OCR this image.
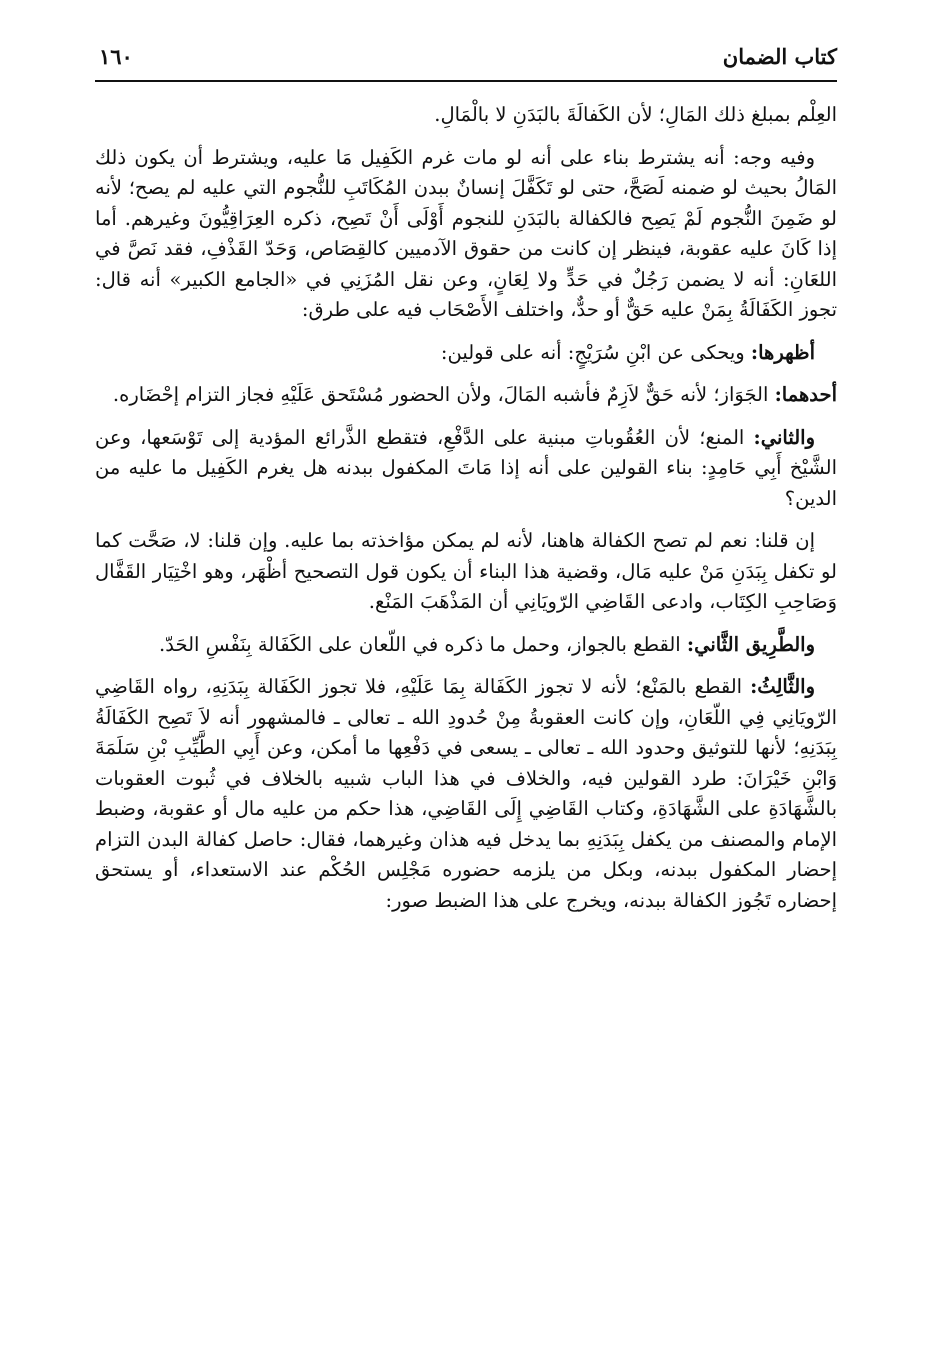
كتاب الضمان
١٦٠

العِلْم بمبلغ ذلك المَالِ؛ لأن الكَفالَةَ بالبَدَنِ لا بالْمَالِ.

وفيه وجه: أنه يشترط بناء على أنه لو مات غرم الكَفِيل مَا عليه، ويشترط أن يكون ذلك المَالُ بحيث لو ضمنه لَصَحَّ، حتى لو تَكَفَّلَ إنسانٌ ببدن المُكَاتَبِ للنُّجوم التي عليه لم يصح؛ لأنه لو ضَمِنَ النُّجوم لَمْ يَصِح فالكفالة بالبَدَنِ للنجوم أَوْلَى أَنْ تَصِح، ذكره العِرَاقِيُّونَ وغيرهم. أما إذا كَانَ عليه عقوبة، فينظر إن كانت من حقوق الآدميين كالقِصَاص، وَحَدّ القَذْفِ، فقد نَصَّ في اللعَانِ: أنه لا يضمن رَجُلٌ في حَدٍّ ولا لِعَانٍ، وعن نقل المُزَنِي في «الجامع الكبير» أنه قال: تجوز الكَفَالَةُ بِمَنْ عليه حَقٌّ أو حدٌّ، واختلف الأَصْحَاب فيه على طرق:

أظهرها: ويحكى عن ابْنِ سُرَيْجٍ: أنه على قولين:

أحدهما: الجَوَاز؛ لأنه حَقٌّ لاَزِمٌ فأشبه المَالَ، ولأن الحضور مُسْتَحق عَلَيْهِ فجاز التزام إحْضَاره.

والثاني: المنع؛ لأن العُقُوباتِ مبنية على الدَّفْعِ، فتقطع الذَّرائع المؤدية إلى تَوْسَعها، وعن الشَّيْخ أَبِي حَامِدٍ: بناء القولين على أنه إذا مَاتَ المكفول ببدنه هل يغرم الكَفِيل ما عليه من الدين؟

إن قلنا: نعم لم تصح الكفالة هاهنا، لأنه لم يمكن مؤاخذته بما عليه. وإن قلنا: لا، صَحَّت كما لو تكفل بِبَدَنِ مَنْ عليه مَال، وقضية هذا البناء أن يكون قول التصحيح أظْهَر، وهو اخْتِيَار القَفَّال وَصَاحِبِ الكِتَاب، وادعى القَاضِي الرّويَانِي أن المَذْهَبَ المَنْع.

والطَّرِيق الثَّاني: القطع بالجواز، وحمل ما ذكره في اللّعان على الكَفَالة بِنَفْسِ الحَدّ.

والثَّالِثُ: القطع بالمَنْع؛ لأنه لا تجوز الكَفَالة بِمَا عَلَيْهِ، فلا تجوز الكَفَالة بِبَدَنِهِ، رواه القَاضِي الرّويَانِي فِي اللّعَانِ، وإن كانت العقوبةُ مِنْ حُدودِ الله ـ تعالى ـ فالمشهور أنه لاَ تَصِح الكَفَالَةُ بِبَدَنِهِ؛ لأنها للتوثيق وحدود الله ـ تعالى ـ يسعى في دَفْعِها ما أمكن، وعن أَبِي الطَّيِّبِ بْنِ سَلَمَةَ وَابْنِ خَيْرَانَ: طرد القولين فيه، والخلاف في هذا الباب شبيه بالخلاف في ثُبوت العقوبات بالشَّهَادَةِ على الشَّهَادَةِ، وكتاب القَاضِي إِلَى القَاضِي، هذا حكم من عليه مال أو عقوبة، وضبط الإمام والمصنف من يكفل بِبَدَنِهِ بما يدخل فيه هذان وغيرهما، فقال: حاصل كفالة البدن التزام إحضار المكفول ببدنه، وبكل من يلزمه حضوره مَجْلِس الحُكْم عند الاستعداء، أو يستحق إحضاره تَجُوز الكفالة ببدنه، ويخرج على هذا الضبط صور:
